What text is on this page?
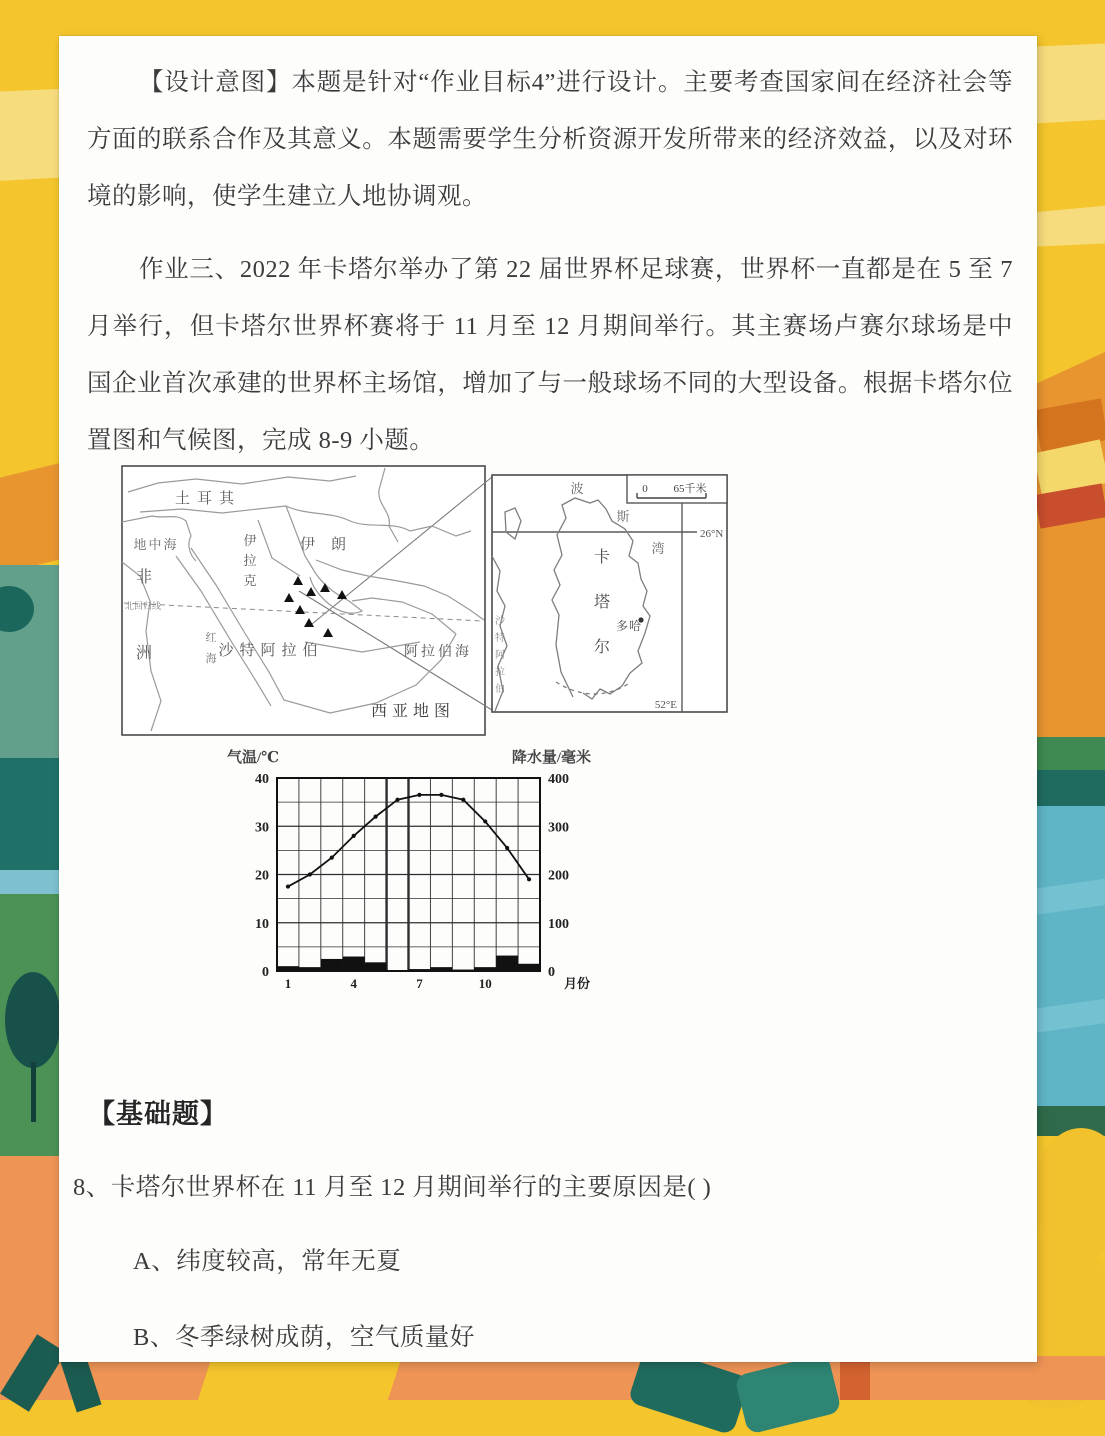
【设计意图】本题是针对“作业目标4”进行设计。主要考查国家间在经济社会等方面的联系合作及其意义。本题需要学生分析资源开发所带来的经济效益，以及对环境的影响，使学生建立人地协调观。
作业三、2022 年卡塔尔举办了第 22 届世界杯足球赛，世界杯一直都是在 5 至 7 月举行，但卡塔尔世界杯赛将于 11 月至 12 月期间举行。其主赛场卢赛尔球场是中国企业首次承建的世界杯主场馆，增加了与一般球场不同的大型设备。根据卡塔尔位置图和气候图，完成 8-9 小题。
土耳其
地中海	伊
拉
克
伊朗
非
洲
北回归线
红
海 沙特阿拉伯	阿拉伯海
西亚地图
波
斯
湾
卡
塔
尔
多哈
沙
特
阿
拉
伯
0 65千米
26°N
52°E
0
10
20
30
40
0
100
200
300
400
1	4	7	10	月份
气温/℃	降水量/毫米
【基础题】
8、卡塔尔世界杯在 11 月至 12 月期间举行的主要原因是( )
A、纬度较高，常年无夏
B、冬季绿树成荫，空气质量好
